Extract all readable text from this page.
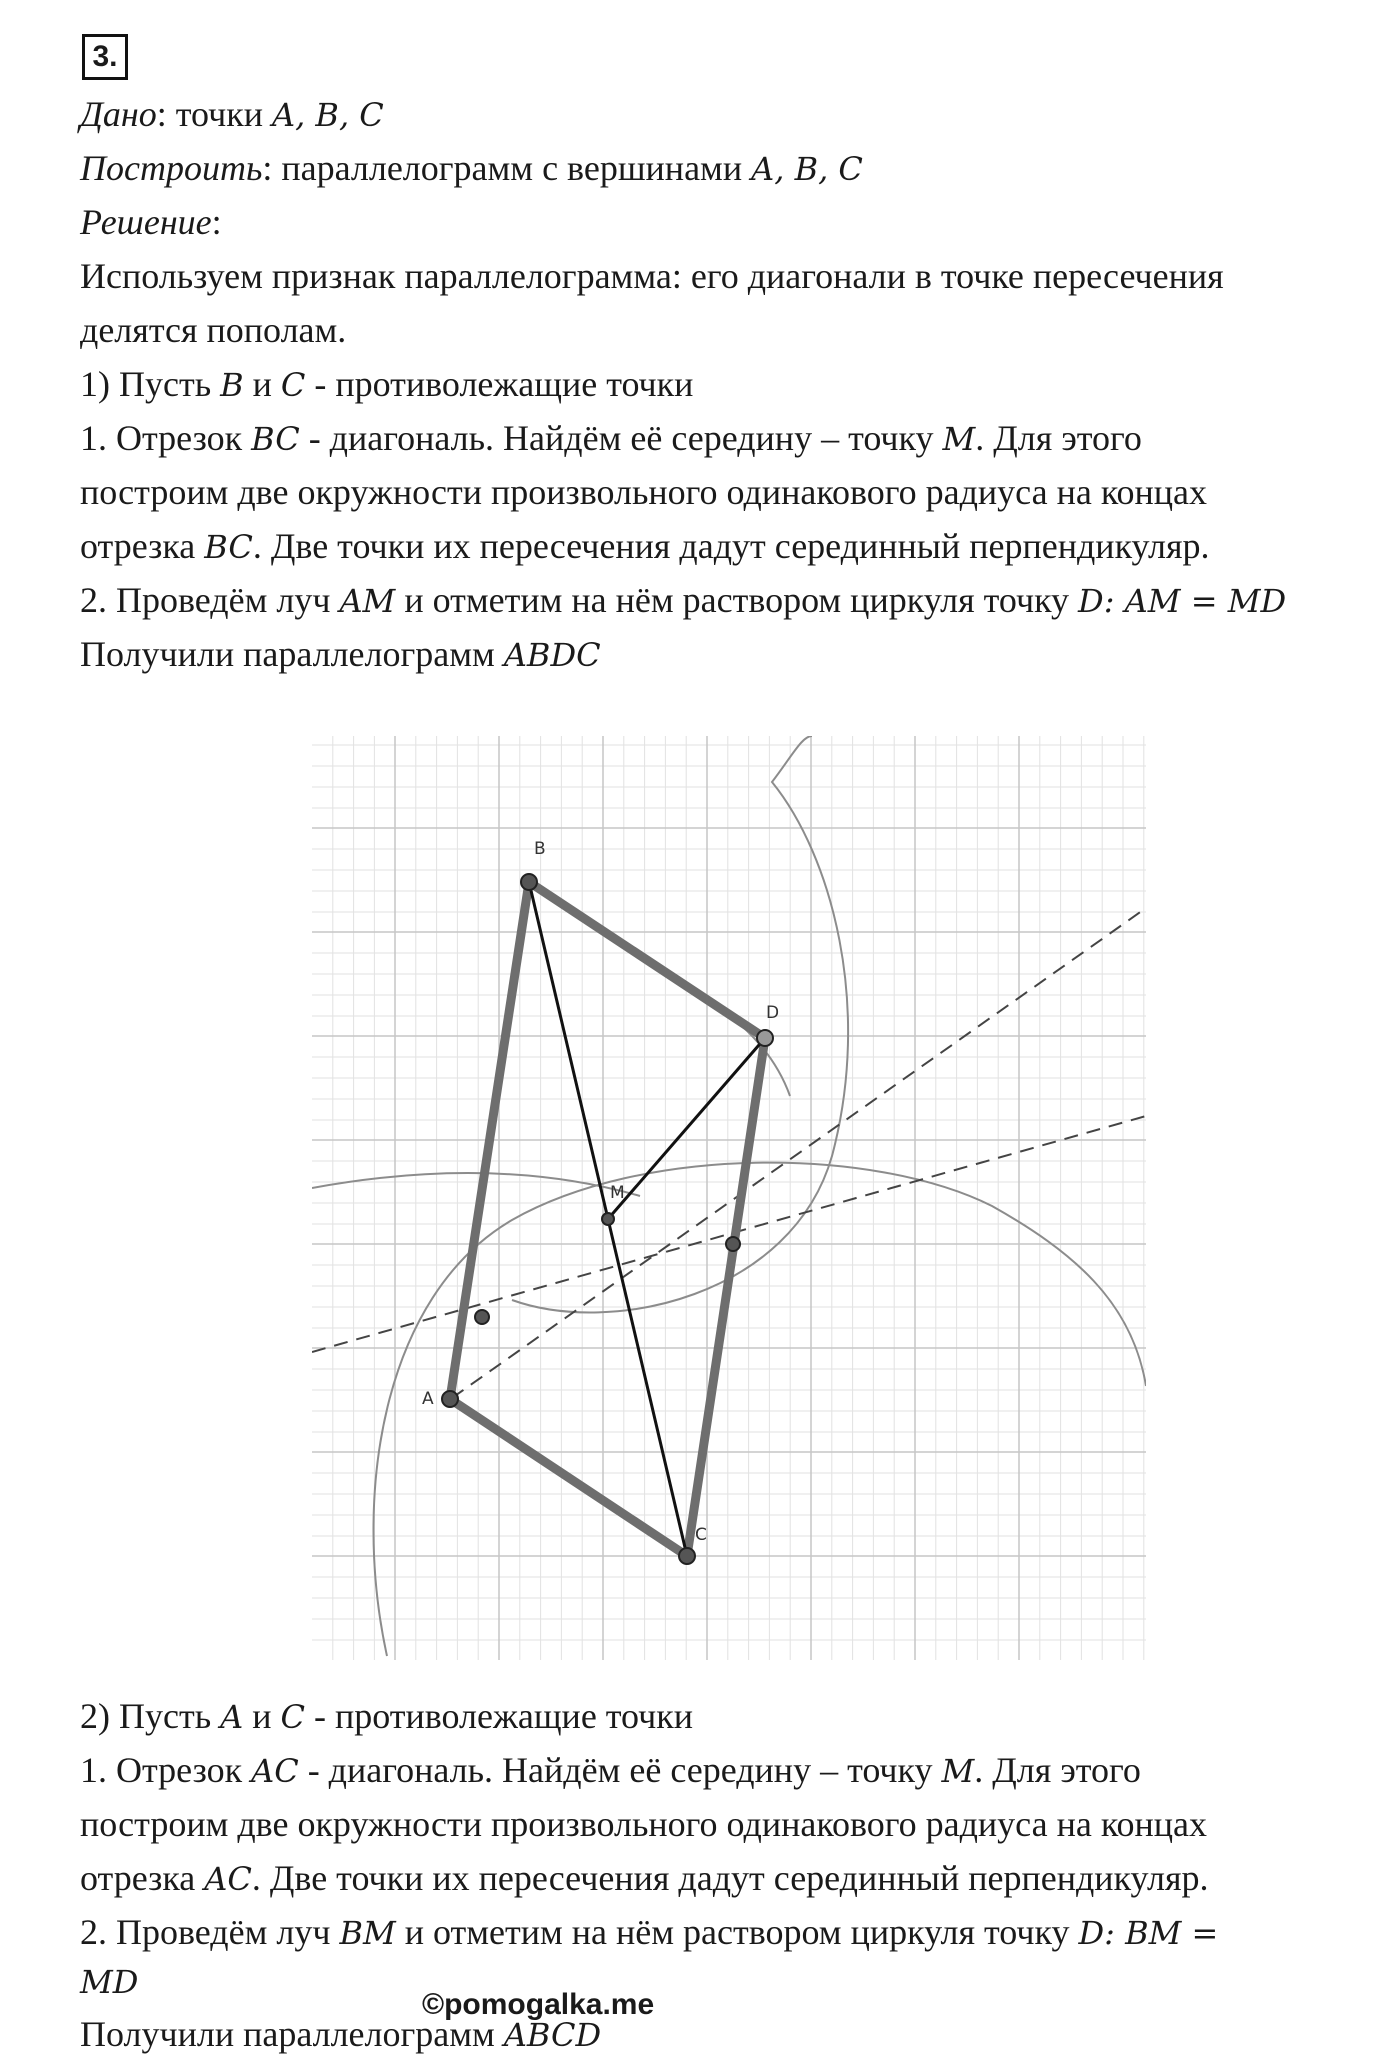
3.
Дано: точки A, B, C
Построить: параллелограмм с вершинами A, B, C
Решение:
Используем признак параллелограмма: его диагонали в точке пересечения
делятся пополам.
1) Пусть B и C - противолежащие точки
1. Отрезок BC - диагональ. Найдём её середину – точку M. Для этого
построим две окружности произвольного одинакового радиуса на концах
отрезка BC. Две точки их пересечения дадут серединный перпендикуляр.
2. Проведём луч AM и отметим на нём раствором циркуля точку D: AM = MD
Получили параллелограмм ABDC
B
A
C
D
M
2) Пусть A и C - противолежащие точки
1. Отрезок AC - диагональ. Найдём её середину – точку M. Для этого
построим две окружности произвольного одинакового радиуса на концах
отрезка AC. Две точки их пересечения дадут серединный перпендикуляр.
2. Проведём луч BM и отметим на нём раствором циркуля точку D: BM =
MD
©pomogalka.me
Получили параллелограмм ABCD
